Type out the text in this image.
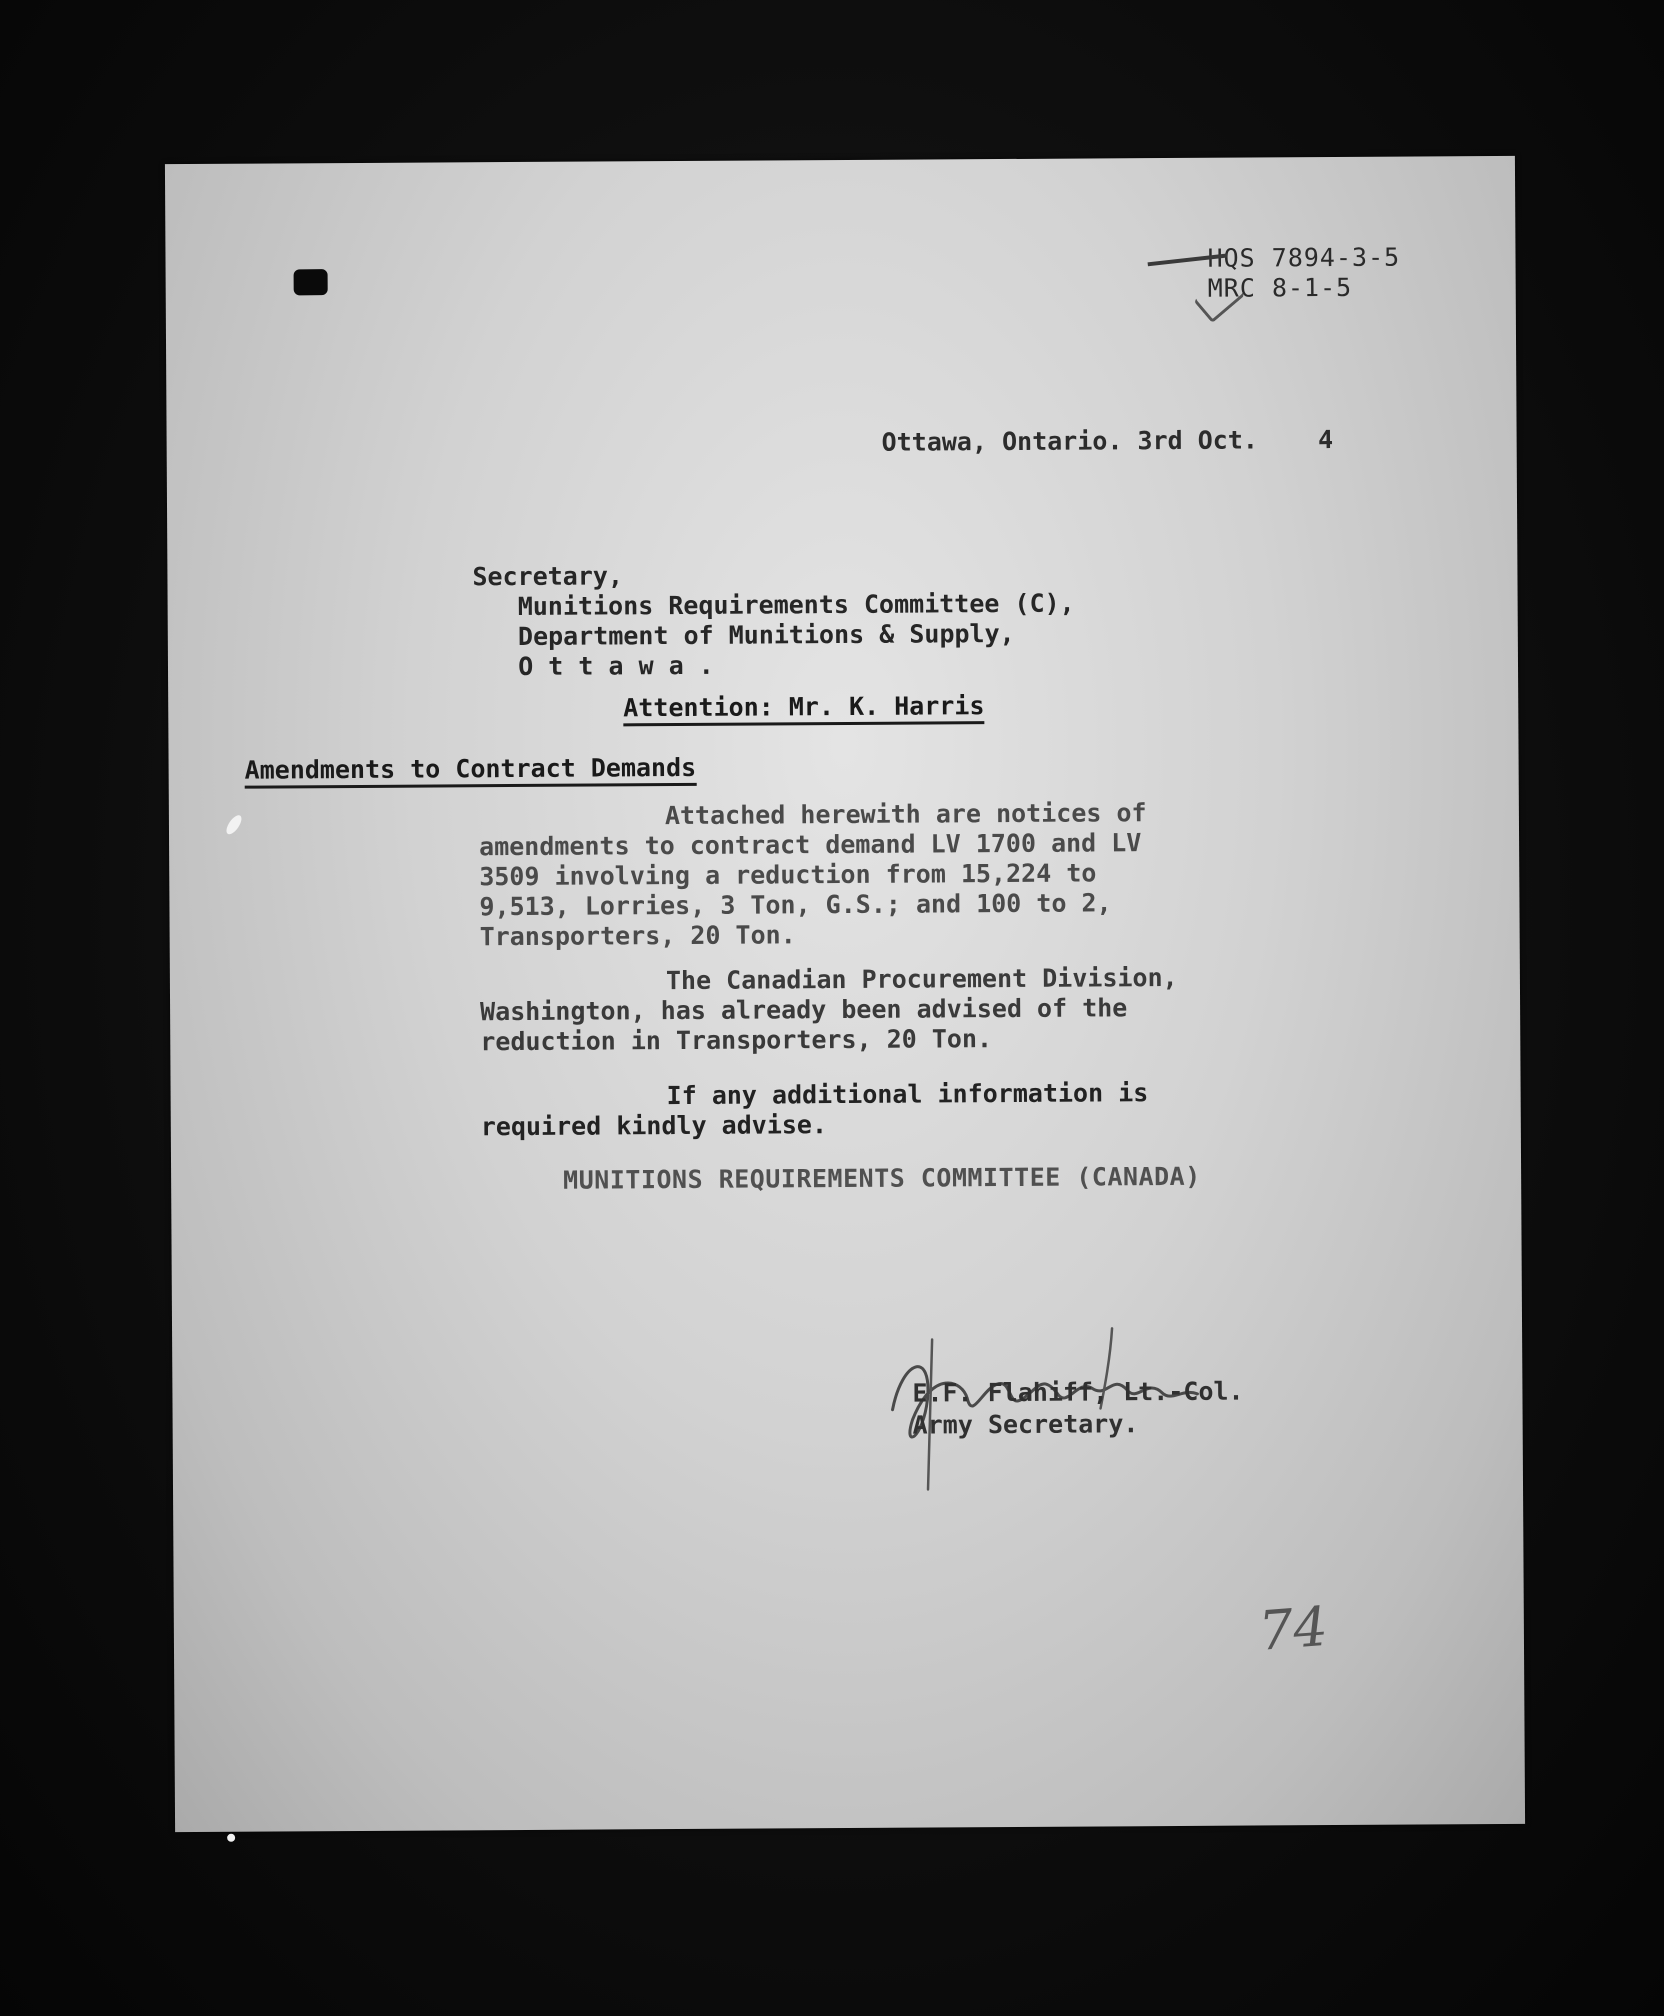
HQS 7894-3-5
MRC 8-1-5
Ottawa, Ontario. 3rd Oct.    4
Secretary,
Munitions Requirements Committee (C),
Department of Munitions & Supply,
O t t a w a .
Attention: Mr. K. Harris
Amendments to Contract Demands
Attached herewith are notices of amendments to contract demand LV 1700 and LV 3509 involving a reduction from 15,224 to 9,513, Lorries, 3 Ton, G.S.; and 100 to 2, Transporters, 20 Ton.
The Canadian Procurement Division, Washington, has already been advised of the reduction in Transporters, 20 Ton.
If any additional information is required kindly advise.
MUNITIONS REQUIREMENTS COMMITTEE (CANADA)
E.F. Flahiff, Lt.-Col.
Army Secretary.
74
